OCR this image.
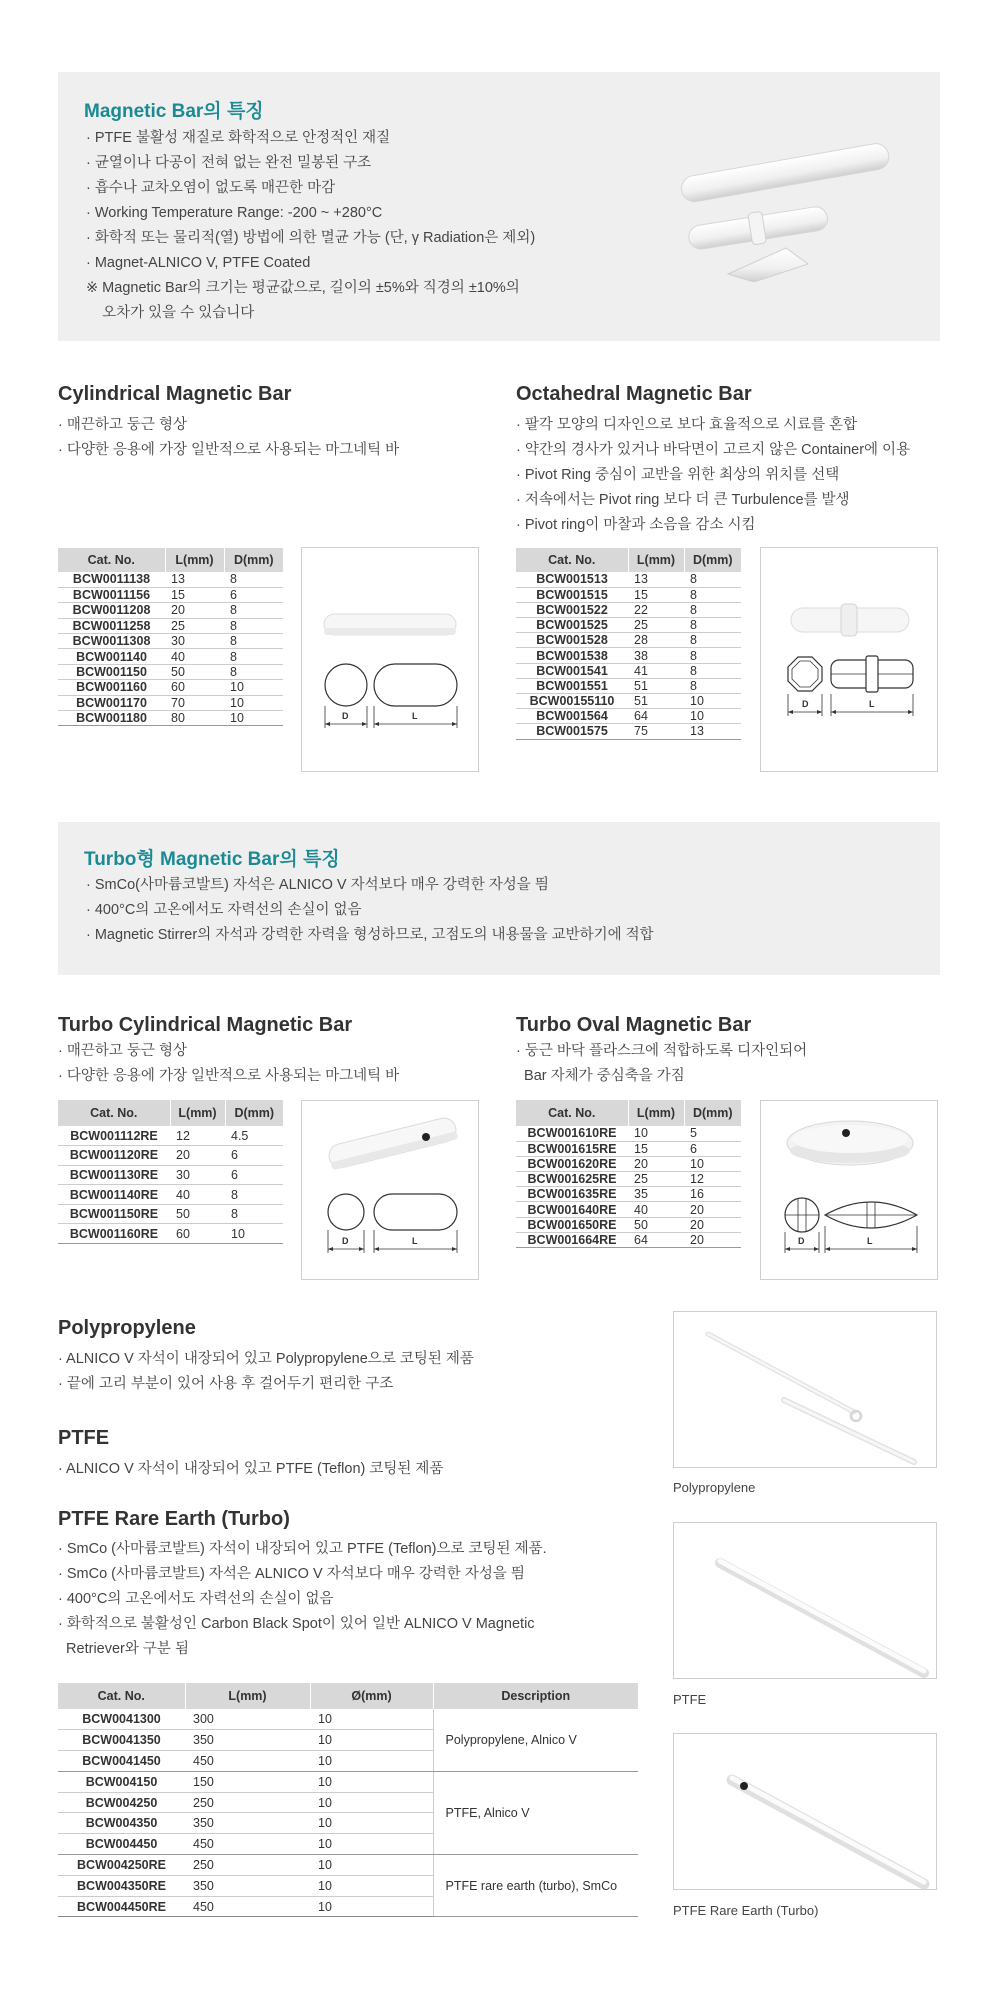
Magnetic Bar의 특징
· PTFE 불활성 재질로 화학적으로 안정적인 재질
· 균열이나 다공이 전혀 없는 완전 밀봉된 구조
· 흡수나 교차오염이 없도록 매끈한 마감
· Working Temperature Range: -200 ~ +280°C
· 화학적 또는 물리적(열) 방법에 의한 멸균 가능 (단, γ Radiation은 제외)
· Magnet-ALNICO V, PTFE Coated
※ Magnetic Bar의 크기는 평균값으로, 길이의 ±5%와 직경의 ±10%의
오차가 있을 수 있습니다
Cylindrical Magnetic Bar
· 매끈하고 둥근 형상
· 다양한 응용에 가장 일반적으로 사용되는 마그네틱 바
Cat. No.	L(mm)	D(mm)
BCW0011138	13	8
BCW0011156	15	6
BCW0011208	20	8
BCW0011258	25	8
BCW0011308	30	8
BCW001140	40	8
BCW001150	50	8
BCW001160	60	10
BCW001170	70	10
BCW001180	80	10	D	L
Octahedral Magnetic Bar
· 팔각 모양의 디자인으로 보다 효율적으로 시료를 혼합
· 약간의 경사가 있거나 바닥면이 고르지 않은 Container에 이용
· Pivot Ring 중심이 교반을 위한 최상의 위치를 선택
· 저속에서는 Pivot ring 보다 더 큰 Turbulence를 발생
· Pivot ring이 마찰과 소음을 감소 시킴
Cat. No.	L(mm)	D(mm)
BCW001513	13	8
BCW001515	15	8
BCW001522	22	8
BCW001525	25	8
BCW001528	28	8
BCW001538	38	8
BCW001541	41	8
BCW001551	51	8
BCW00155110	51	10
BCW001564	64	10
BCW001575	75	13
D	L
Turbo형 Magnetic Bar의 특징
· SmCo(사마륨코발트) 자석은 ALNICO V 자석보다 매우 강력한 자성을 띔
· 400°C의 고온에서도 자력선의 손실이 없음
· Magnetic Stirrer의 자석과 강력한 자력을 형성하므로, 고점도의 내용물을 교반하기에 적합
Turbo Cylindrical Magnetic Bar
· 매끈하고 둥근 형상
· 다양한 응용에 가장 일반적으로 사용되는 마그네틱 바
Cat. No.	L(mm)	D(mm)
BCW001112RE	12	4.5
BCW001120RE	20	6
BCW001130RE	30	6
BCW001140RE	40	8
BCW001150RE	50	8
BCW001160RE	60	10
D	L
Turbo Oval Magnetic Bar
· 둥근 바닥 플라스크에 적합하도록 디자인되어
Bar 자체가 중심축을 가짐
Cat. No.	L(mm)	D(mm)
BCW001610RE	10	5
BCW001615RE	15	6
BCW001620RE	20	10
BCW001625RE	25	12
BCW001635RE	35	16
BCW001640RE	40	20
BCW001650RE	50	20
BCW001664RE	64	20	D	L
Polypropylene
· ALNICO V 자석이 내장되어 있고 Polypropylene으로 코팅된 제품
· 끝에 고리 부분이 있어 사용 후 걸어두기 편리한 구조
PTFE
· ALNICO V 자석이 내장되어 있고 PTFE (Teflon) 코팅된 제품
PTFE Rare Earth (Turbo)
· SmCo (사마륨코발트) 자석이 내장되어 있고 PTFE (Teflon)으로 코팅된 제품.
· SmCo (사마륨코발트) 자석은 ALNICO V 자석보다 매우 강력한 자성을 띔
· 400°C의 고온에서도 자력선의 손실이 없음
· 화학적으로 불활성인 Carbon Black Spot이 있어 일반 ALNICO V Magnetic
Retriever와 구분 됨
Cat. No.	L(mm)	Ø(mm)	Description
BCW0041300	300	10	Polypropylene, Alnico V
BCW0041350	350	10	
BCW0041450	450	10	
BCW004150	150	10	PTFE, Alnico V
BCW004250	250	10	
BCW004350	350	10	
BCW004450	450	10	
BCW004250RE	250	10	PTFE rare earth (turbo), SmCo
BCW004350RE	350	10	
BCW004450RE	450	10	
Polypropylene
PTFE
PTFE Rare Earth (Turbo)
